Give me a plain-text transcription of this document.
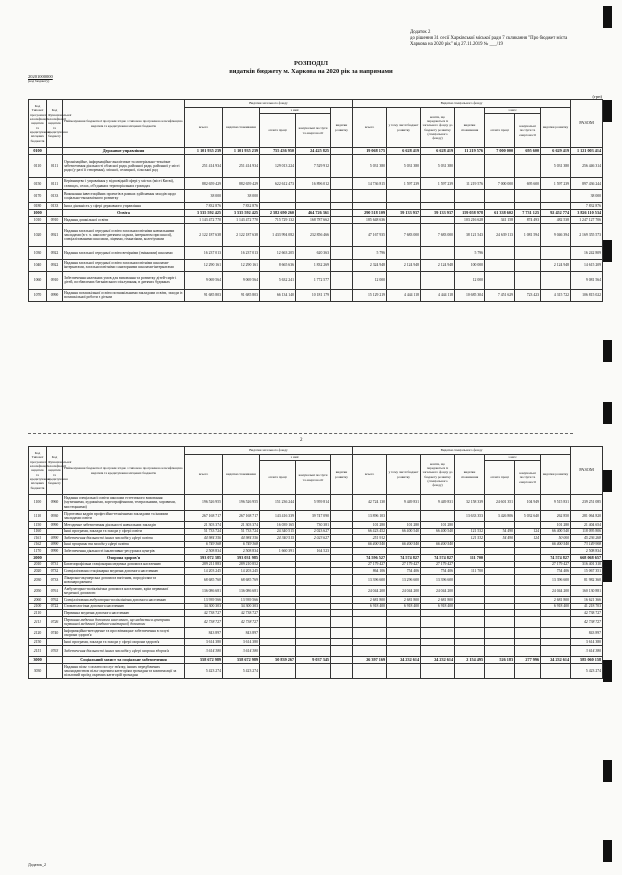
Додаток 2
до рішення 31 сесії Харківської міської ради 7 скликання "Про бюджет міста Харкова на 2020 рік" від 27.11.2019 № ___/19
РОЗПОДІЛ
видатків бюджету м. Харкова на 2020 рік за напрямами
20201000000
(код бюджету)
(грн)
Код Типової програмної класифікації видатків та кредитування місцевих бюджетів	Код Функціональної класифікації видатків та кредитування бюджету	Найменування бюджетної програми згідно з типовою програмною класифікацією видатків та кредитування місцевих бюджетів	Видатки загального фонду					Видатки спеціального фонду							РАЗОМ
			всього	видатки споживання	з них:		видатки розвитку	всього	у тому числі бюджет розвитку	кошти, що передаються із загального фонду до бюджету розвитку (спеціального фонду)	видатки споживання	з них:		видатки розвитку	
					оплата праці	комунальні послуги та енергоносії						оплата праці	комунальні послуги та енергоносії		
0100		Державне управління	1 101 935 239	1 101 935 239	755 436 950	24 425 825		19 068 175	6 628 419	6 628 419	11 219 576	7 000 000	695 600	6 629 419	1 121 003 414
0110	0111	Організаційне, інформаційно-аналітичне та матеріально-технічне забезпечення діяльності обласної ради, районної ради, районної у місті ради (у разі її створення), міської, селищної, сільської рад	251 414 934	251 414 934	129 013 224	7 529 912		5 031 380	5 031 380	5 031 380				5 031 380	256 446 314
0150	0111	Керівництво і управління у відповідній сфері у містах (місті Києві), селищах, селах, об'єднаних територіальних громадах	882 659 429	882 659 429	622 612 473	16 896 012		14 736 815	1 597 239	1 597 239	11 219 576	7 000 000	695 600	1 597 239	897 436 244
0170	0133	Виконання інвестиційних проектів в рамках здійснення заходів щодо соціально-економічного розвитку	38 000	38 000											38 000
0180	0133	Інша діяльність у сфері державного управління	7 832 876	7 832 876											7 832 876
1000		Освіта	3 535 592 425	3 535 592 425	2 582 690 260	464 726 361		290 518 109	59 133 937	59 133 937	159 058 978	61 338 602	7 731 125	92 452 774	3 826 110 534
1010	0910	Надання дошкільної освіти	1 143 472 770	1 143 472 770	715 729 132	168 787 662		185 648 636			103 216 628	341 158	874 493	482 538	1 247 127 706
1020	0921	Надання загальної середньої освіти загальноосвітніми навчальними закладами (в т. ч. школою-дитячим садком, інтернатом при школі), спеціалізованими школами, ліцеями, гімназіями, колегіумами	2 122 187 638	2 122 187 638	1 433 994 082	232 856 466		47 167 935	7 683 000	7 683 000	38 121 543	24 639 113	1 081 594	9 046 394	2 169 355 573
1030	0922	Надання загальної середньої освіти вечірніми (змінними) школами	16 237 013	16 237 013	12 663 205	620 363		5 796			5 796				16 242 809
1040	0922	Надання загальної середньої освіти загальноосвітніми школами-інтернатами, загальноосвітніми санаторними школами-інтернатами	12 290 161	12 290 161	8 665 636	1 832 269		2 324 948	2 124 948	2 124 948	100 000			2 124 948	14 615 209
1060	0910	Забезпечення належних умов для виховання та розвитку дітей-сиріт і дітей, позбавлених батьківського піклування, в дитячих будинках	9 069 564	9 069 564	5 632 241	1 772 577		12 000			12 000				9 081 564
1070	0990	Надання позашкільної освіти позашкільними закладами освіти, заходи із позашкільної роботи з дітьми	91 685 803	91 685 803	66 134 140	10 181 179		15 129 219	4 444 118	4 444 118	10 685 304	7 451 629	723 423	4 315 722	106 815 022
2
Код Типової програмної класифікації видатків та кредитування місцевих бюджетів	Код Функціональної класифікації видатків та кредитування бюджету	Найменування бюджетної програми згідно з типовою програмною класифікацією видатків та кредитування місцевих бюджетів	Видатки загального фонду					Видатки спеціального фонду							РАЗОМ
			всього	видатки споживання	з них:		видатки розвитку	всього	у тому числі бюджет розвитку	кошти, що передаються із загального фонду до бюджету розвитку (спеціального фонду)	видатки споживання	з них:		видатки розвитку	
					оплата праці	комунальні послуги та енергоносії						оплата праці	комунальні послуги та енергоносії		
1100	0960	Надання спеціальної освіти школами естетичного виховання (музичними, художніми, хореографічними, театральними, хоровими, мистецькими)	196 526 955	196 526 955	151 236 244	5 959 814		42 724 130	9 449 831	9 449 831	32 158 339	24 601 351	104 949	9 515 831	239 251 085
1110	0930	Підготовка кадрів професійно-технічними закладами та іншими закладами освіти	267 168 717	267 168 717	143 416 339	39 747 090		13 896 103			13 633 353	3 426 806	5 032 640	262 850	281 064 820
1150	0990	Методичне забезпечення діяльності навчальних закладів	21 303 374	21 303 374	16 039 165	730 381		101 280	101 280	101 280				101 280	21 404 654
1160		Інші програми, заклади та заходи у сфері освіти	51 733 724	51 733 724	24 340 515	2 023 627		66 423 452	66 400 540	66 400 540	121 532	54 490	124	66 400 540	118 095 806
1161	0990	Забезпечення діяльності інших закладів у сфері освіти	44 984 356	44 984 356	24 340 515	2 023 627		251 912			121 532	54 490	124	50 000	45 236 268
1162	0990	Інші програми та заходи у сфері освіти	6 749 368	6 749 368				66 400 540	66 400 540	66 400 540				66 400 540	73 149 908
1170	0990	Забезпечення діяльності інклюзивно-ресурсних центрів	2 508 834	2 508 834	1 660 391	164 523									2 508 834
2000		Охорона здоров'я	593 072 385	593 031 985				74 596 527	74 574 827	74 574 827	111 700			74 574 827	668 068 657
2010	0731	Багатопрофільна стаціонарна медична допомога населенню	289 211 883	289 210 852				27 179 427	27 179 427	27 179 427				27 179 427	316 401 310
2020	0732	Спеціалізована стаціонарна медична допомога населенню	14 203 245	14 203 245				864 106	754 406	754 406	111 700			754 406	15 067 351
2030	0733	Лікарсько-акушерська допомога вагітним, породіллям та новонародженим	68 685 760	68 685 769				13 396 600	13 296 600	13 396 600				13 396 600	81 982 360
2050	0761	Амбулаторно-поліклінічна допомога населенню, крім первинної медичної допомоги	136 086 681	136 086 681				24 044 200	24 044 200	24 044 200				24 044 200	160 130 881
2060	0762	Спеціалізована амбулаторно-поліклінічна допомога населенню	13 939 566	13 939 566				2 681 800	2 681 800	2 681 800				2 681 800	16 621 366
2100	0722	Стоматологічна допомога населенню	34 300 303	34 300 303				6 918 400	6 918 400	6 918 400				6 918 400	41 218 703
2110		Первинна медична допомога населенню	42 738 727	42 738 727											42 738 727
2111	0726	Первинна медична допомога населенню, що надається центрами первинної медичної (медико-санітарної) допомоги	42 738 727	42 738 727											42 738 727
2120	0740	Інформаційно-методичне та просвітницьке забезпечення в галузі охорони здоров'я	843 897	843 897											843 897
2150		Інші програми, заклади та заходи у сфері охорони здоров'я	3 614 380	3 614 380											3 614 380
2151	0763	Забезпечення діяльності інших закладів у сфері охорони здоров'я	3 614 380	3 614 380											3 614 380
3000		Соціальний захист та соціальне забезпечення	558 672 989	558 672 989	50 839 267	9 037 345		26 397 169	24 232 614	24 232 614	2 154 495	526 183	277 996	24 232 614	585 060 158
3030		Надання пільг з оплати послуг зв'язку, інших передбачених законодавством пільг окремим категоріям громадян та компенсації за пільговий проїзд окремих категорій громадян	5 423 274	5 423 274											5 423 274
Додаток_2
